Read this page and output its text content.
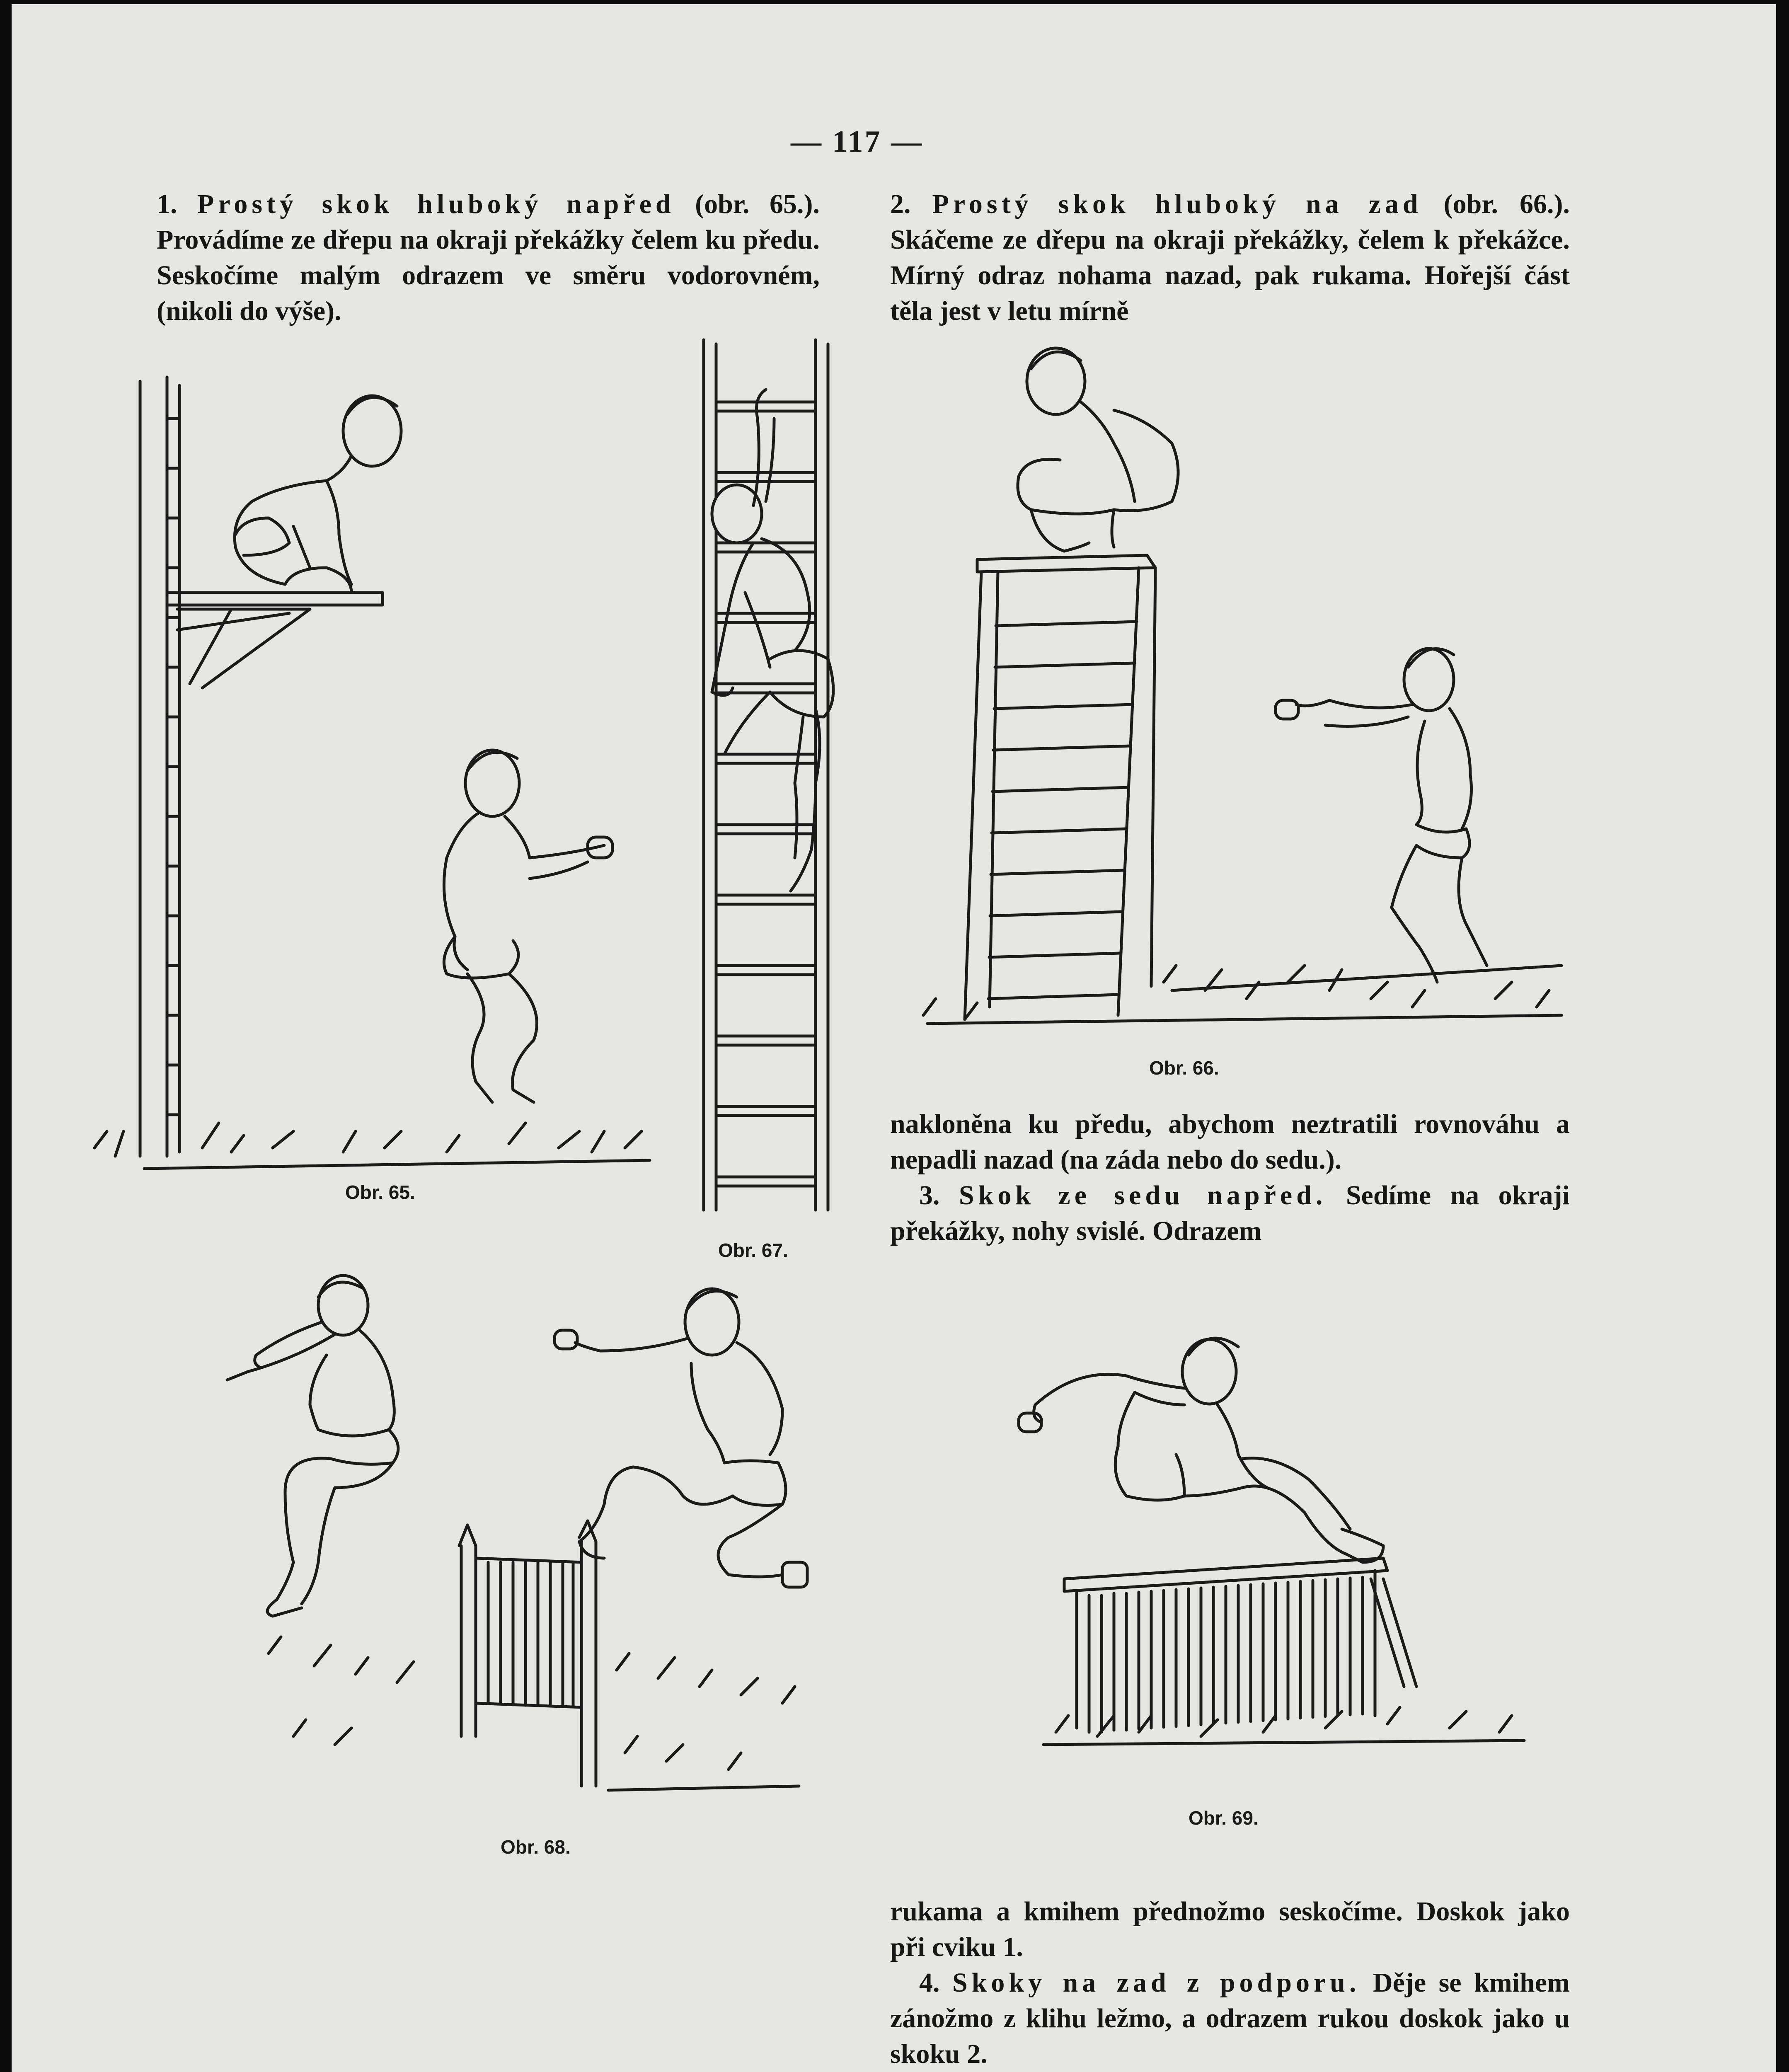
— 117 —

1. Prostý skok hluboký napřed (obr. 65.). Provádíme ze dřepu na okraji překážky čelem ku předu. Seskočíme malým odrazem ve směru vodorovném, (nikoli do výše).

2. Prostý skok hluboký na zad (obr. 66.). Skáčeme ze dřepu na okraji překážky, čelem k překážce. Mírný odraz nohama nazad, pak rukama. Hořejší část těla jest v letu mírně

nakloněna ku předu, abychom neztratili rovnováhu a nepadli nazad (na záda nebo do sedu.).

3. Skok ze sedu napřed. Sedíme na okraji překážky, nohy svislé. Odrazem

rukama a kmihem přednožmo seskočíme. Doskok jako při cviku 1.

4. Skoky na zad z podporu. Děje se kmihem zánožmo z klihu ležmo, a odrazem rukou doskok jako u skoku 2.

Obr. 65.
Obr. 67.
Obr. 66.
Obr. 68.
Obr. 69.
